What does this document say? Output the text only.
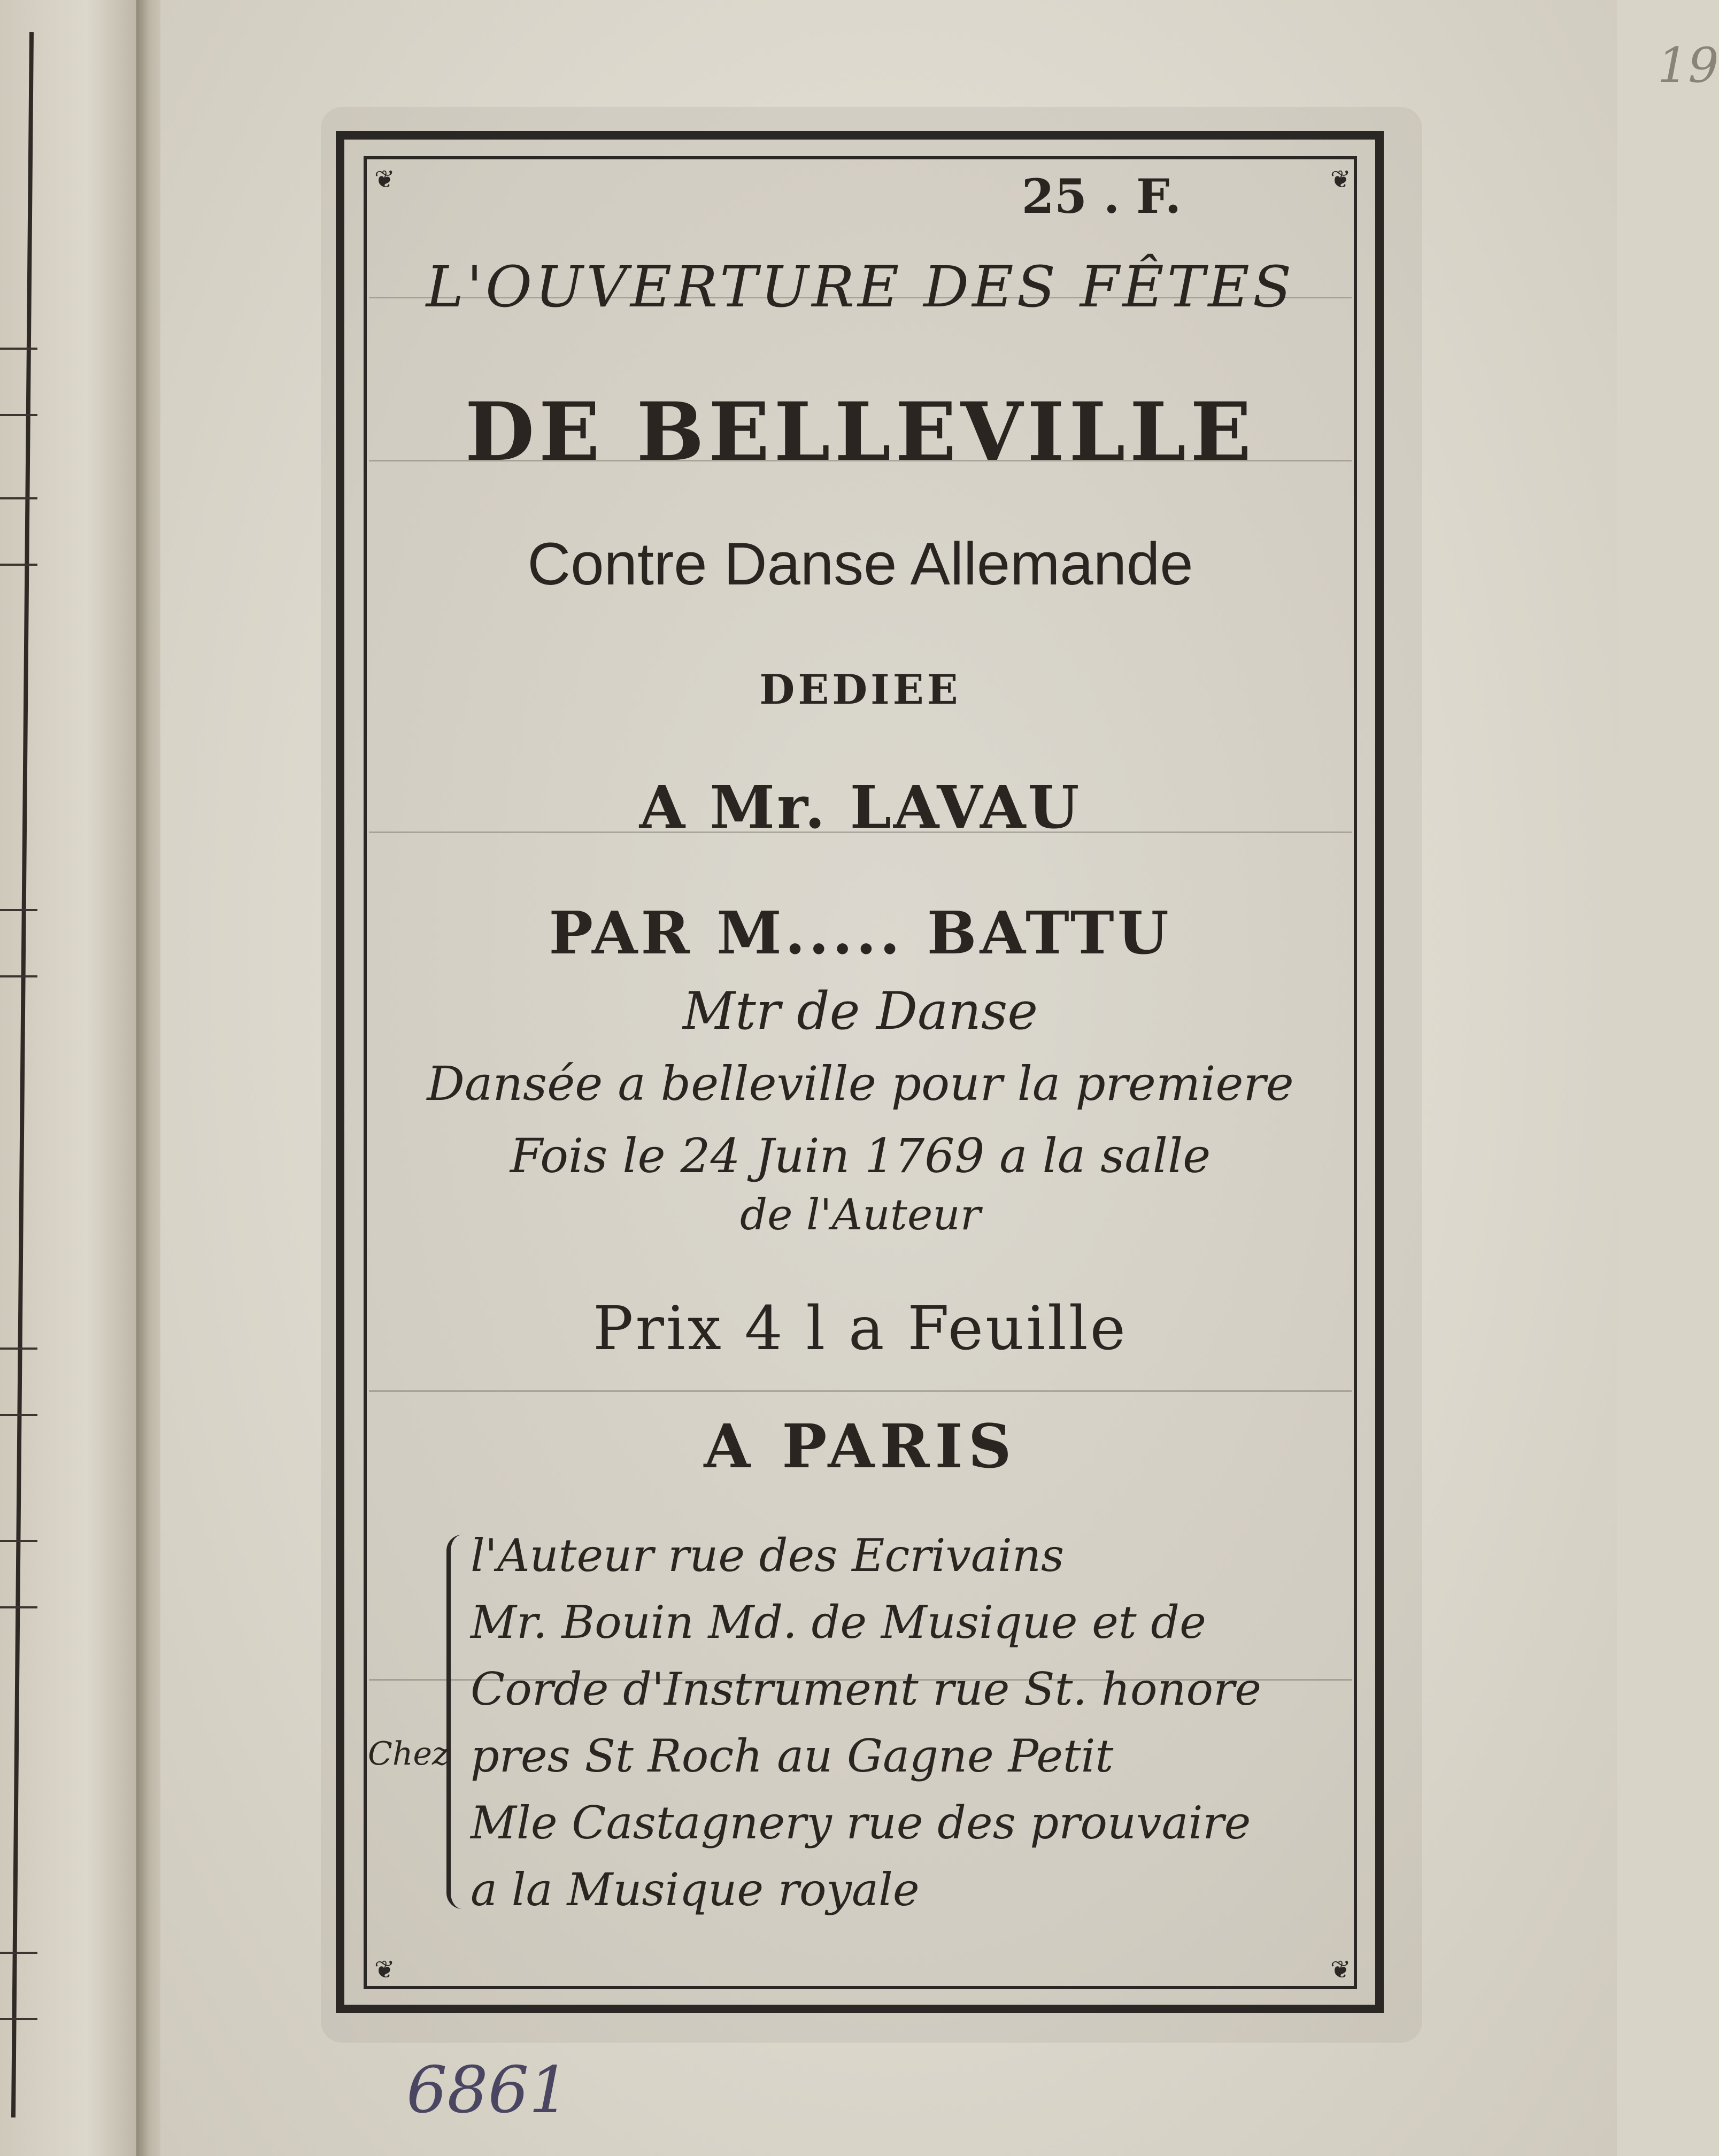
19
❦	❦
❦	❦
25 . F.
L'OUVERTURE DES FÊTES
DE BELLEVILLE
Contre Danse Allemande
DEDIEE
A Mr. LAVAU
PAR M..... BATTU
Mtr de Danse
Dansée a belleville pour la premiere
Fois le 24 Juin 1769 a la salle
de l'Auteur
Prix 4 l a Feuille
A PARIS
Chez
l'Auteur rue des Ecrivains
Mr. Bouin Md. de Musique et de
Corde d'Instrument rue St. honore
pres St Roch au Gagne Petit
Mle Castagnery rue des prouvaire
a la Musique royale
6861
